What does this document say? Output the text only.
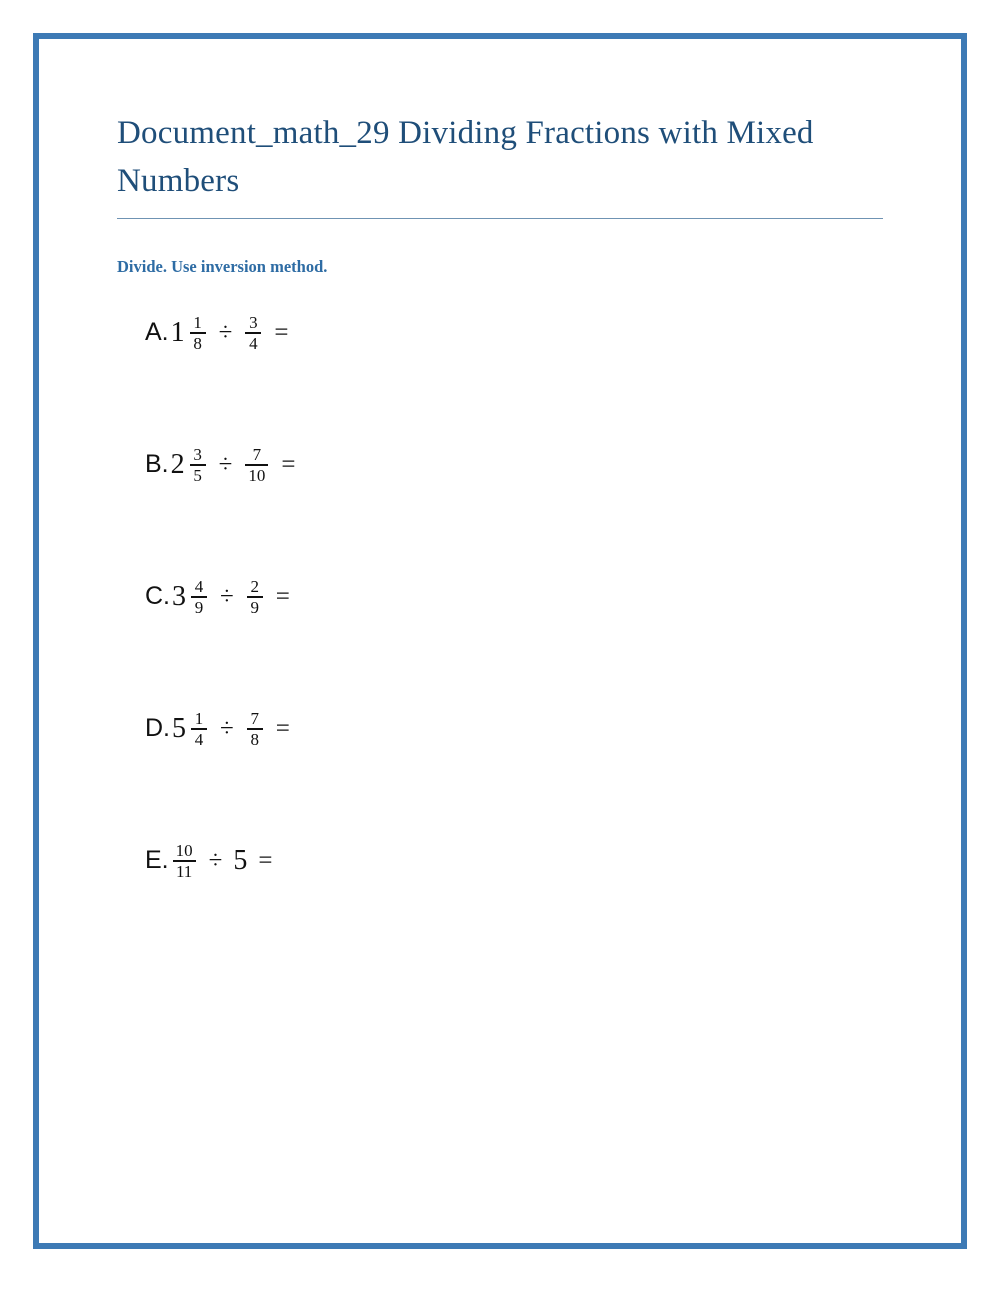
Document_math_29 Dividing Fractions with Mixed Numbers
Divide. Use inversion method.
A. $1 \frac{1}{8} \div \frac{3}{4}$ =
B. $2 \frac{3}{5} \div \frac{7}{10}$ =
C. $3 \frac{4}{9} \div \frac{2}{9}$ =
D. $5 \frac{1}{4} \div \frac{7}{8}$ =
E. $\frac{10}{11} \div 5$ =
